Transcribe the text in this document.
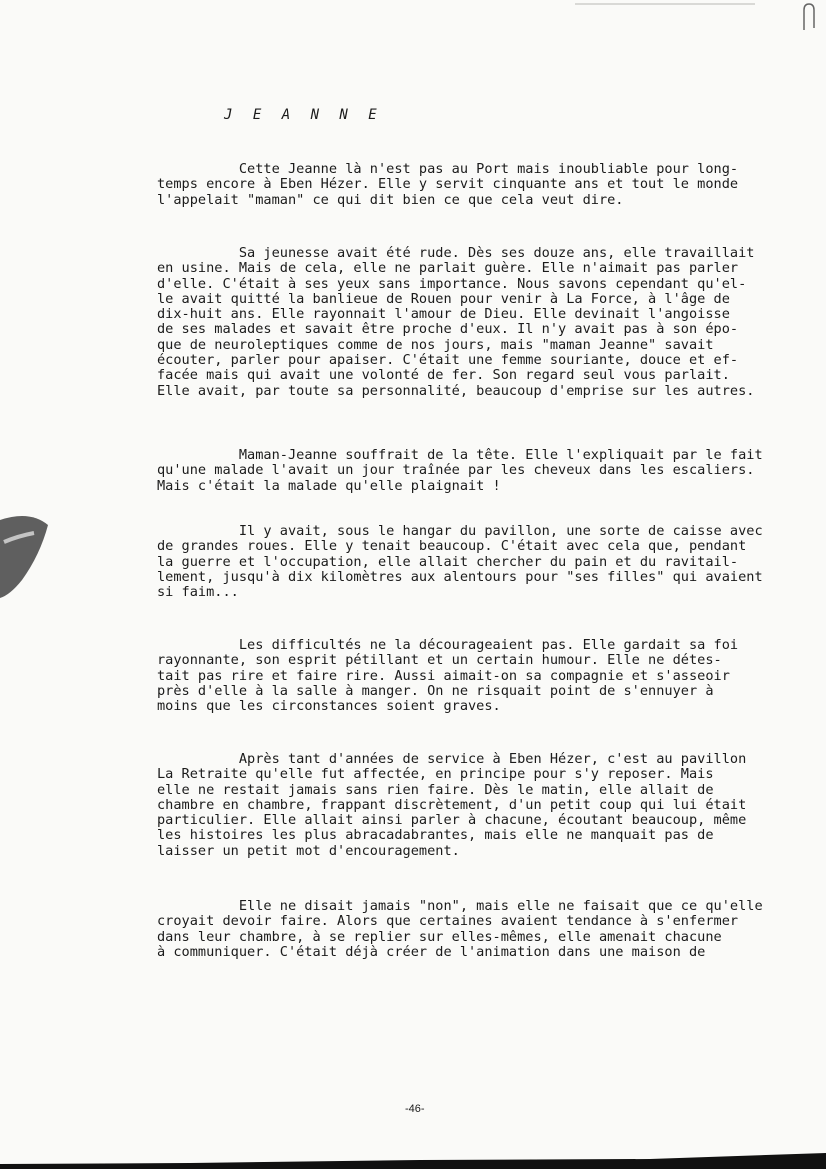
J E A N N E
Cette Jeanne là n'est pas au Port mais inoubliable pour long-
temps encore à Eben Hézer. Elle y servit cinquante ans et tout le monde
l'appelait "maman" ce qui dit bien ce que cela veut dire.
Sa jeunesse avait été rude. Dès ses douze ans, elle travaillait
en usine. Mais de cela, elle ne parlait guère. Elle n'aimait pas parler
d'elle. C'était à ses yeux sans importance. Nous savons cependant qu'el-
le avait quitté la banlieue de Rouen pour venir à La Force, à l'âge de
dix-huit ans. Elle rayonnait l'amour de Dieu. Elle devinait l'angoisse
de ses malades et savait être proche d'eux. Il n'y avait pas à son épo-
que de neuroleptiques comme de nos jours, mais "maman Jeanne" savait
écouter, parler pour apaiser. C'était une femme souriante, douce et ef-
facée mais qui avait une volonté de fer. Son regard seul vous parlait.
Elle avait, par toute sa personnalité, beaucoup d'emprise sur les autres.
Maman-Jeanne souffrait de la tête. Elle l'expliquait par le fait
qu'une malade l'avait un jour traînée par les cheveux dans les escaliers.
Mais c'était la malade qu'elle plaignait !
Il y avait, sous le hangar du pavillon, une sorte de caisse avec
de grandes roues. Elle y tenait beaucoup. C'était avec cela que, pendant
la guerre et l'occupation, elle allait chercher du pain et du ravitail-
lement, jusqu'à dix kilomètres aux alentours pour "ses filles" qui avaient
si faim...
Les difficultés ne la décourageaient pas. Elle gardait sa foi
rayonnante, son esprit pétillant et un certain humour. Elle ne détes-
tait pas rire et faire rire. Aussi aimait-on sa compagnie et s'asseoir
près d'elle à la salle à manger. On ne risquait point de s'ennuyer à
moins que les circonstances soient graves.
Après tant d'années de service à Eben Hézer, c'est au pavillon
La Retraite qu'elle fut affectée, en principe pour s'y reposer. Mais
elle ne restait jamais sans rien faire. Dès le matin, elle allait de
chambre en chambre, frappant discrètement, d'un petit coup qui lui était
particulier. Elle allait ainsi parler à chacune, écoutant beaucoup, même
les histoires les plus abracadabrantes, mais elle ne manquait pas de
laisser un petit mot d'encouragement.
Elle ne disait jamais "non", mais elle ne faisait que ce qu'elle
croyait devoir faire. Alors que certaines avaient tendance à s'enfermer
dans leur chambre, à se replier sur elles-mêmes, elle amenait chacune
à communiquer. C'était déjà créer de l'animation dans une maison de
-46-
